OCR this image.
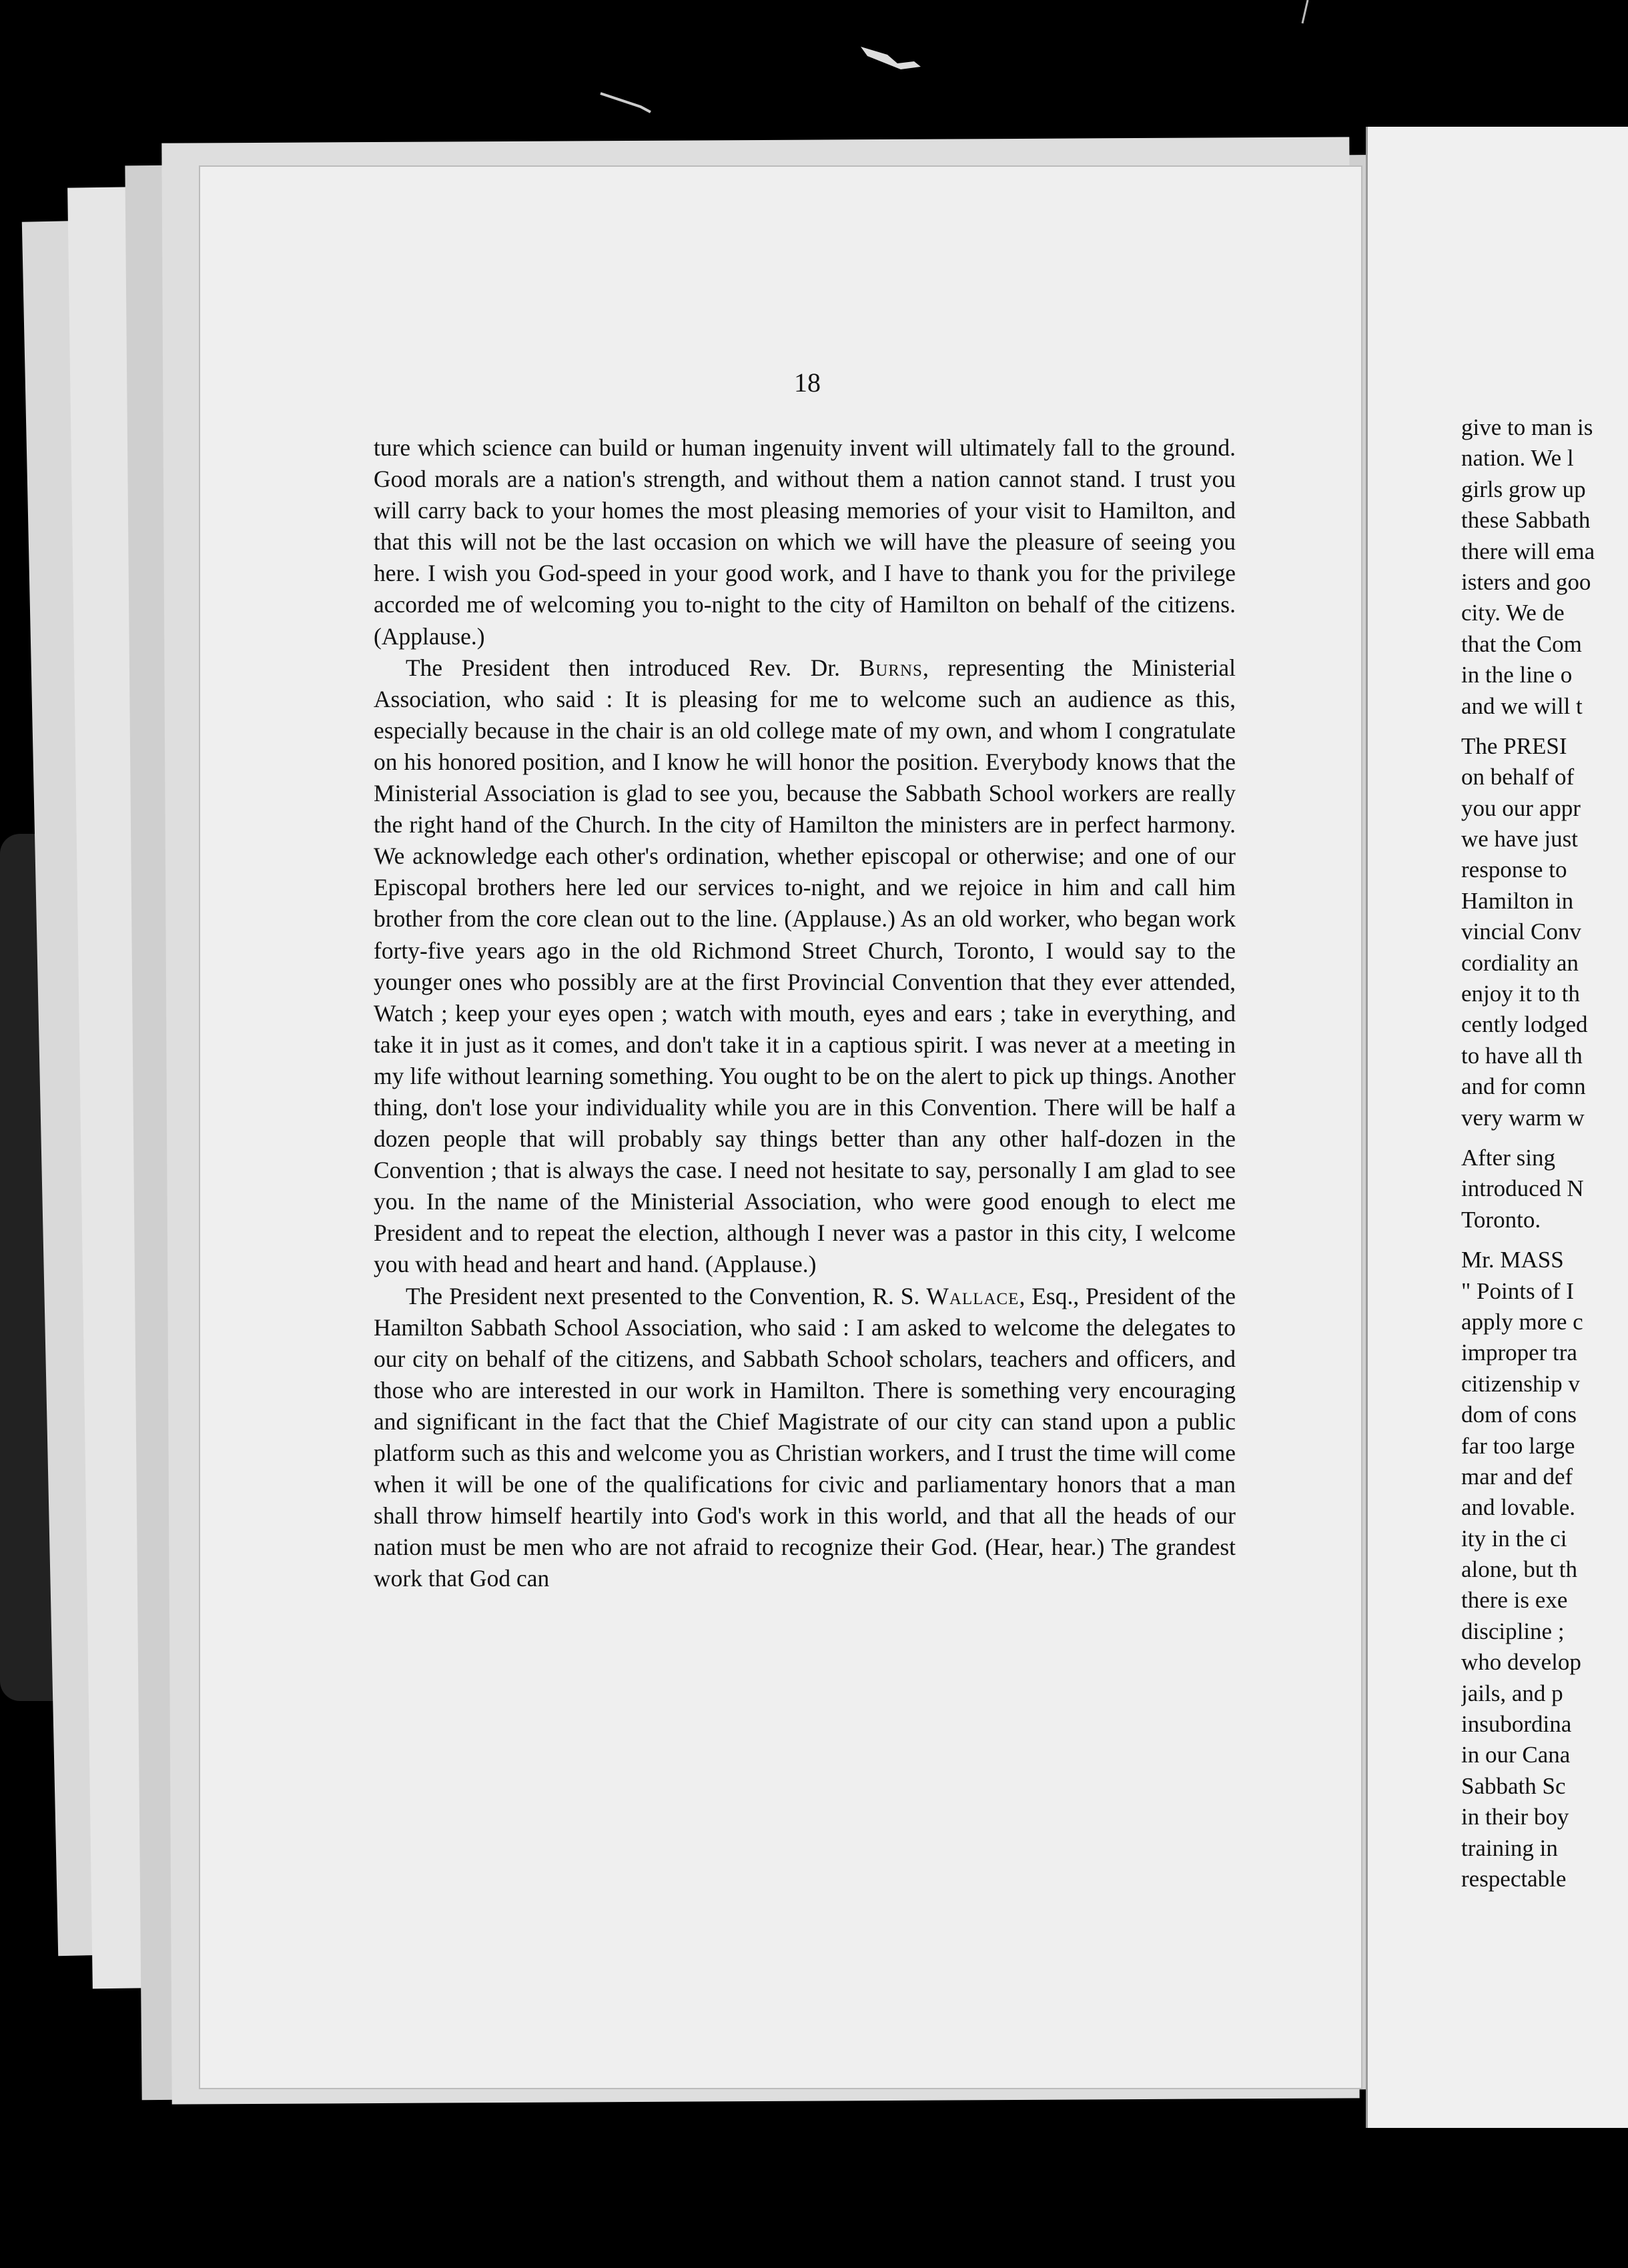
18

ture which science can build or human ingenuity invent will ultimately fall to the ground. Good morals are a nation's strength, and without them a nation cannot stand. I trust you will carry back to your homes the most pleasing memories of your visit to Hamilton, and that this will not be the last occasion on which we will have the pleasure of seeing you here. I wish you God-speed in your good work, and I have to thank you for the privilege accorded me of welcoming you to-night to the city of Hamilton on behalf of the citizens. (Applause.)

The President then introduced Rev. Dr. Burns, representing the Ministerial Association, who said : It is pleasing for me to welcome such an audience as this, especially because in the chair is an old college mate of my own, and whom I congratulate on his honored position, and I know he will honor the position. Everybody knows that the Ministerial Association is glad to see you, because the Sabbath School workers are really the right hand of the Church. In the city of Hamilton the ministers are in perfect harmony. We acknowledge each other's ordination, whether episcopal or otherwise; and one of our Episcopal brothers here led our services to-night, and we rejoice in him and call him brother from the core clean out to the line. (Applause.) As an old worker, who began work forty-five years ago in the old Richmond Street Church, Toronto, I would say to the younger ones who possibly are at the first Provincial Convention that they ever attended, Watch ; keep your eyes open ; watch with mouth, eyes and ears ; take in everything, and take it in just as it comes, and don't take it in a captious spirit. I was never at a meeting in my life without learning something. You ought to be on the alert to pick up things. Another thing, don't lose your individuality while you are in this Convention. There will be half a dozen people that will probably say things better than any other half-dozen in the Convention ; that is always the case. I need not hesitate to say, personally I am glad to see you. In the name of the Ministerial Association, who were good enough to elect me President and to repeat the election, although I never was a pastor in this city, I welcome you with head and heart and hand. (Applause.)

The President next presented to the Convention, R. S. Wallace, Esq., President of the Hamilton Sabbath School Association, who said : I am asked to welcome the delegates to our city on behalf of the citizens, and Sabbath School scholars, teachers and officers, and those who are interested in our work in Hamilton. There is something very encouraging and significant in the fact that the Chief Magistrate of our city can stand upon a public platform such as this and welcome you as Christian workers, and I trust the time will come when it will be one of the qualifications for civic and parliamentary honors that a man shall throw himself heartily into God's work in this world, and that all the heads of our nation must be men who are not afraid to recognize their God. (Hear, hear.) The grandest work that God can

give to man is
nation. We l
girls grow up
these Sabbath
there will ema
isters and goo
city. We de
that the Com
in the line o
and we will t
The PRESI
on behalf of
you our appr
we have just
response to
Hamilton in
vincial Conv
cordiality an
enjoy it to th
cently lodged
to have all th
and for comn
very warm w
After sing
introduced N
Toronto.
Mr. MASS
" Points of I
apply more c
improper tra
citizenship v
dom of cons
far too large
mar and def
and lovable.
ity in the ci
alone, but th
there is exe
discipline ;
who develop
jails, and p
insubordina
in our Cana
Sabbath Sc
in their boy
training in
respectable
